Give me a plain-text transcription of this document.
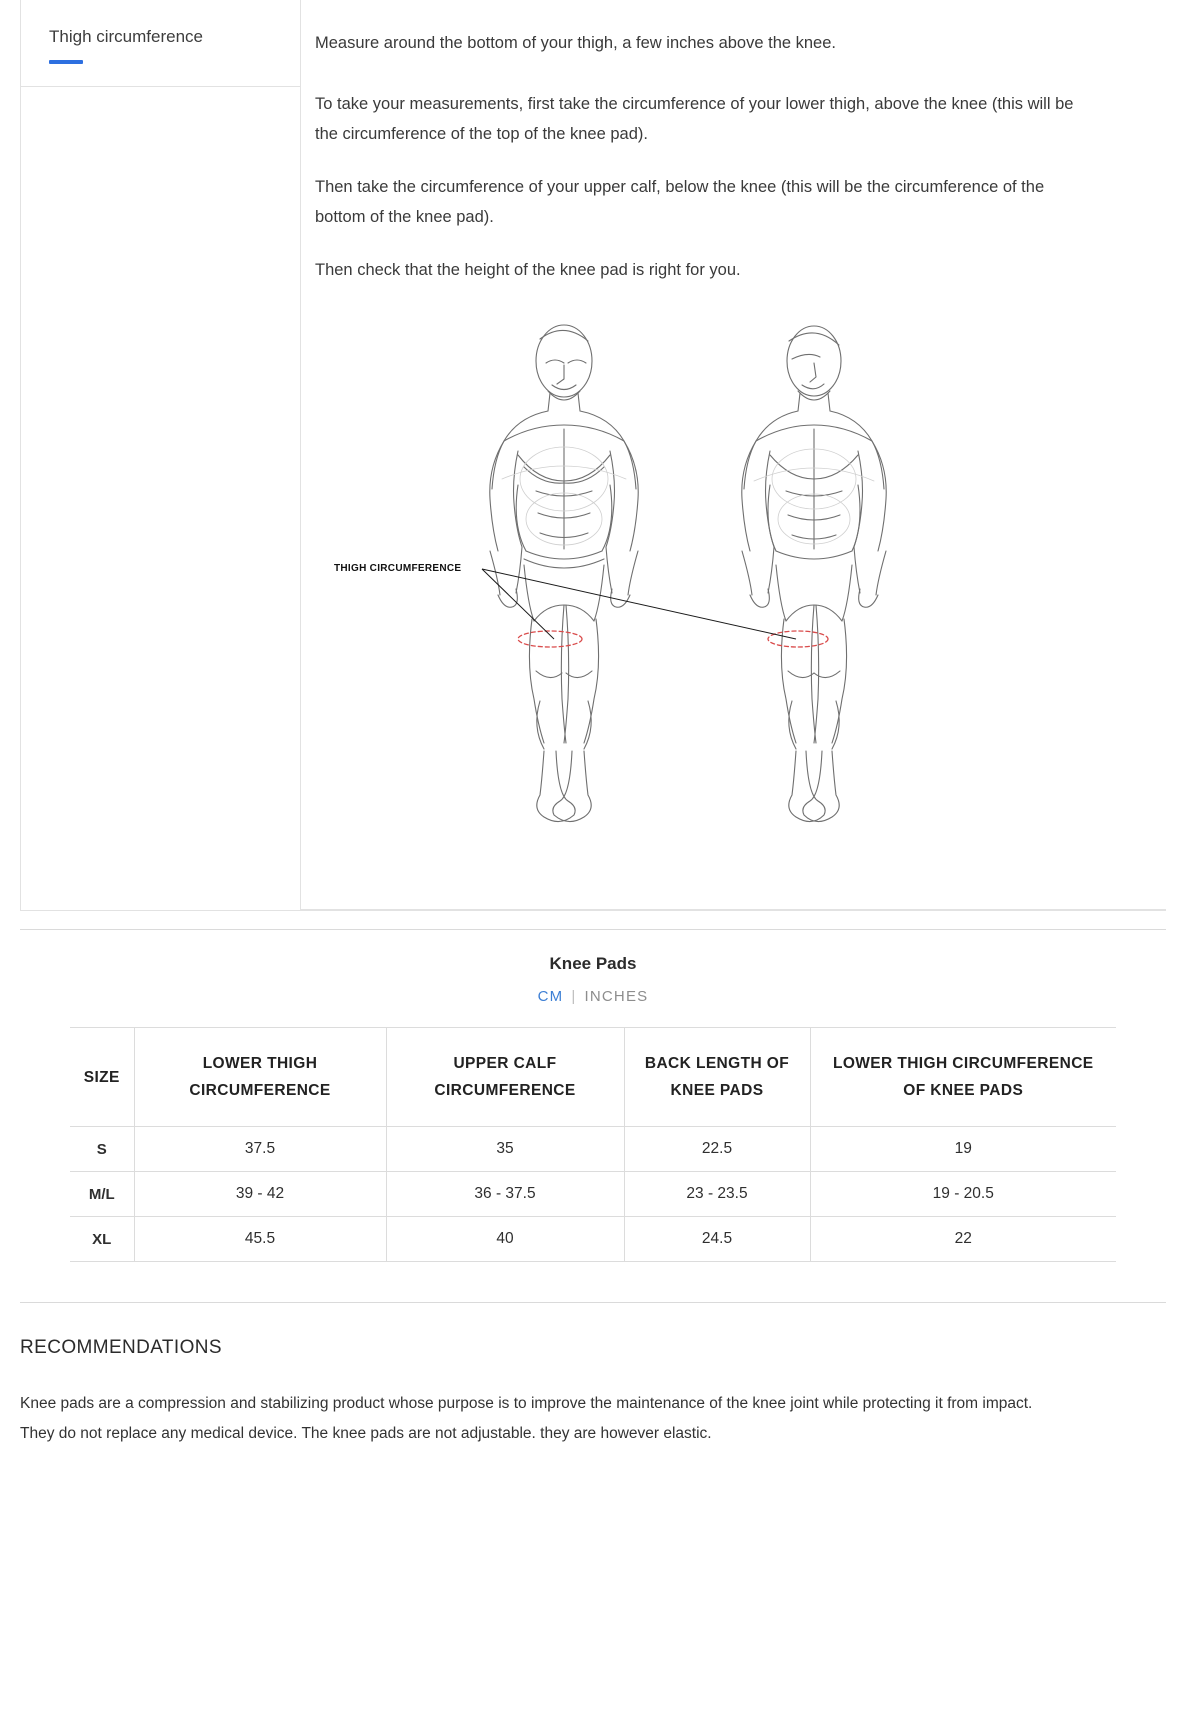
Thigh circumference	Measure around the bottom of your thigh, a few inches above the knee.

To take your measurements, first take the circumference of your lower thigh, above the knee (this will be the circumference of the top of the knee pad).

Then take the circumference of your upper calf, below the knee (this will be the circumference of the bottom of the knee pad).

Then check that the height of the knee pad is right for you.

THIGH CIRCUMFERENCE
Knee Pads
CM | INCHES
SIZE	LOWER THIGH CIRCUMFERENCE	UPPER CALF CIRCUMFERENCE	BACK LENGTH OF KNEE PADS	LOWER THIGH CIRCUMFERENCE OF KNEE PADS
S	37.5	35	22.5	19
M/L	39 - 42	36 - 37.5	23 - 23.5	19 - 20.5
XL	45.5	40	24.5	22
RECOMMENDATIONS
Knee pads are a compression and stabilizing product whose purpose is to improve the maintenance of the knee joint while protecting it from impact. They do not replace any medical device. The knee pads are not adjustable. they are however elastic.
